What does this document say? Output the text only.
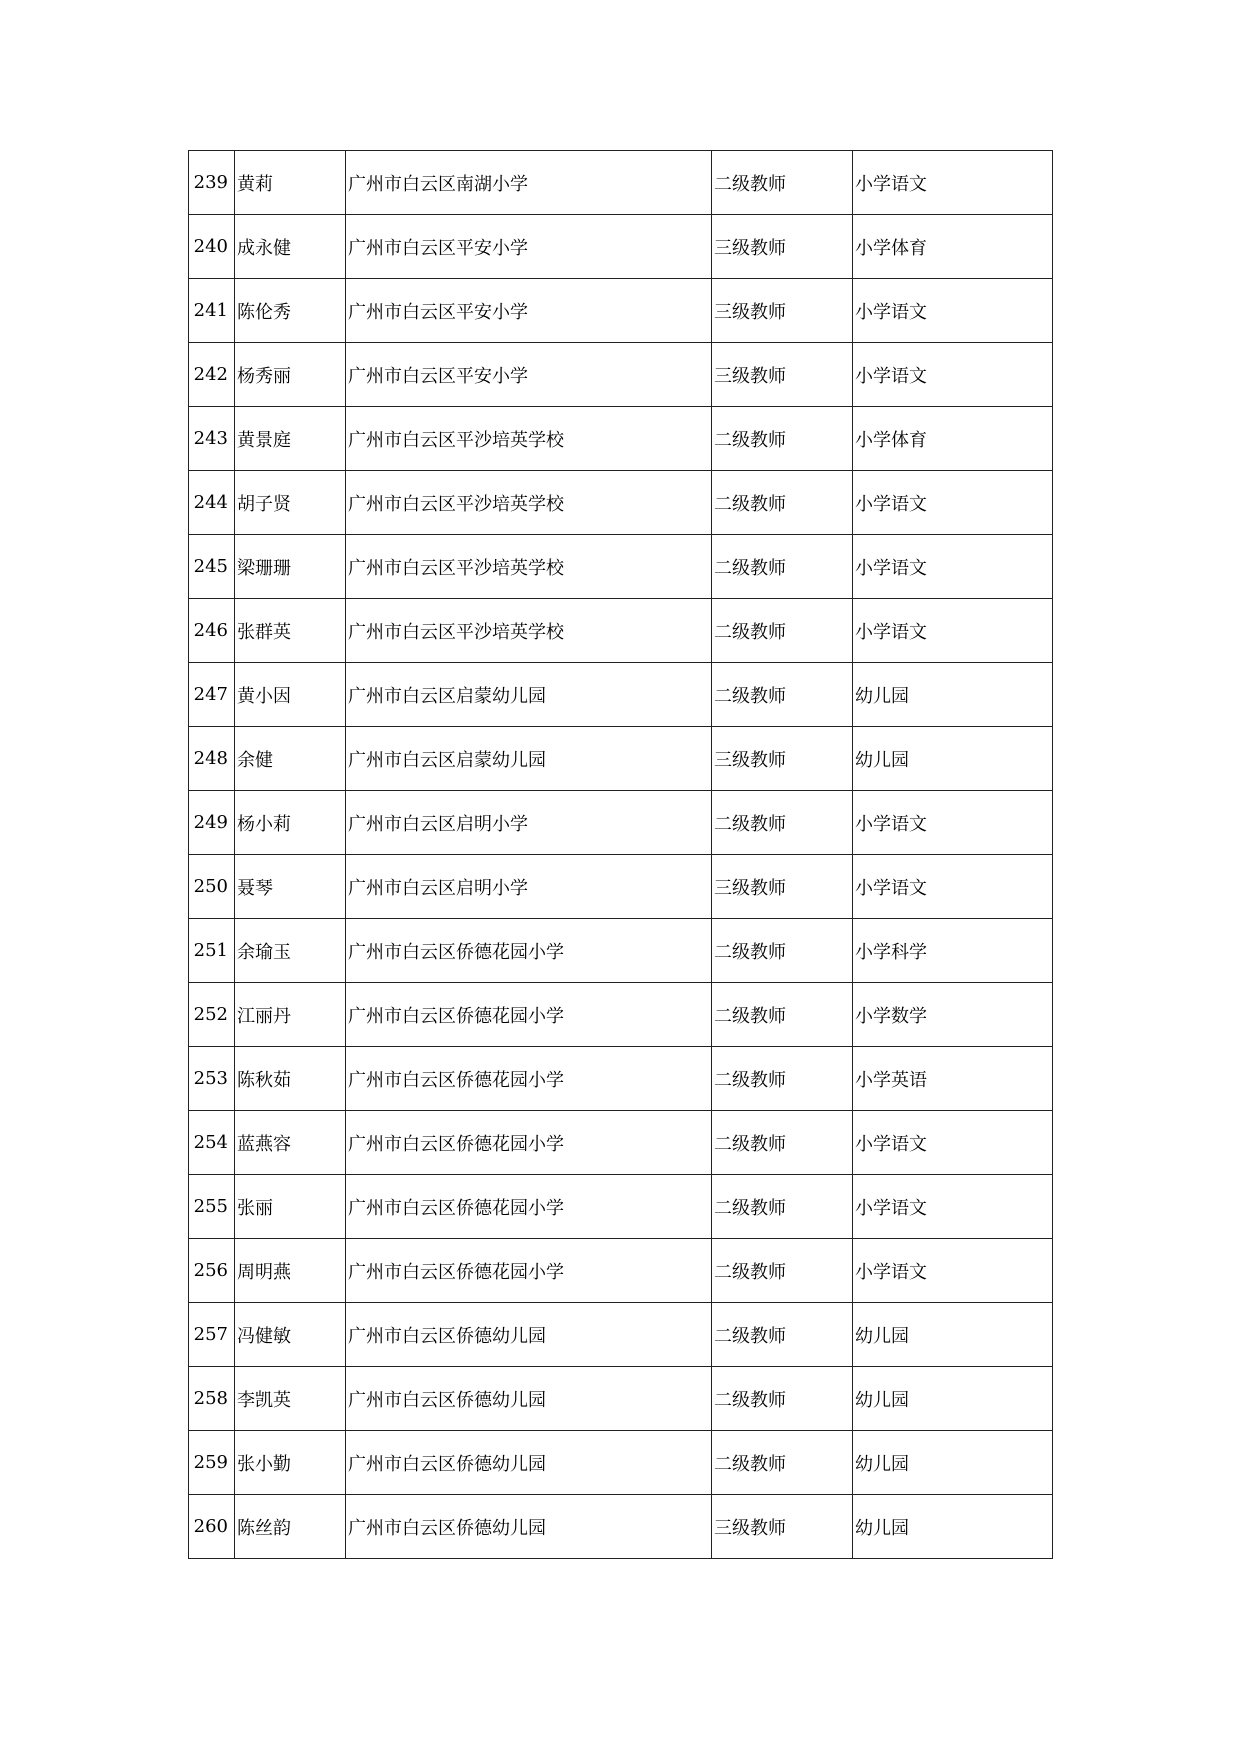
239	黄莉	广州市白云区南湖小学	二级教师	小学语文
240	成永健	广州市白云区平安小学	三级教师	小学体育
241	陈伦秀	广州市白云区平安小学	三级教师	小学语文
242	杨秀丽	广州市白云区平安小学	三级教师	小学语文
243	黄景庭	广州市白云区平沙培英学校	二级教师	小学体育
244	胡子贤	广州市白云区平沙培英学校	二级教师	小学语文
245	梁珊珊	广州市白云区平沙培英学校	二级教师	小学语文
246	张群英	广州市白云区平沙培英学校	二级教师	小学语文
247	黄小因	广州市白云区启蒙幼儿园	二级教师	幼儿园
248	余健	广州市白云区启蒙幼儿园	三级教师	幼儿园
249	杨小莉	广州市白云区启明小学	二级教师	小学语文
250	聂琴	广州市白云区启明小学	三级教师	小学语文
251	余瑜玉	广州市白云区侨德花园小学	二级教师	小学科学
252	江丽丹	广州市白云区侨德花园小学	二级教师	小学数学
253	陈秋茹	广州市白云区侨德花园小学	二级教师	小学英语
254	蓝燕容	广州市白云区侨德花园小学	二级教师	小学语文
255	张丽	广州市白云区侨德花园小学	二级教师	小学语文
256	周明燕	广州市白云区侨德花园小学	二级教师	小学语文
257	冯健敏	广州市白云区侨德幼儿园	二级教师	幼儿园
258	李凯英	广州市白云区侨德幼儿园	二级教师	幼儿园
259	张小勤	广州市白云区侨德幼儿园	二级教师	幼儿园
260	陈丝韵	广州市白云区侨德幼儿园	三级教师	幼儿园
